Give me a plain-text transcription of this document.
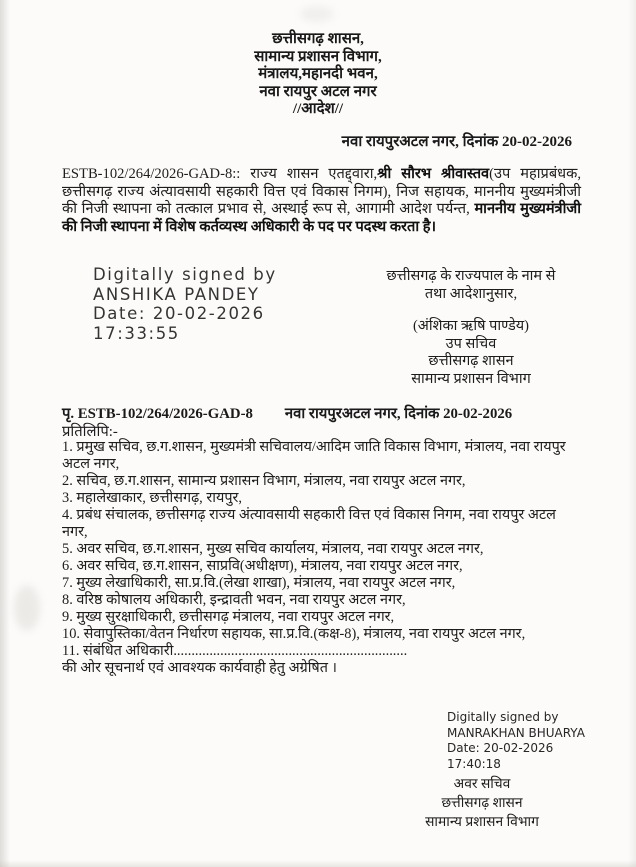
छत्तीसगढ़ शासन,
सामान्य प्रशासन विभाग,
मंत्रालय,महानदी भवन,
नवा रायपुर अटल नगर
//आदेश//
नवा रायपुरअटल नगर, दिनांक 20-02-2026
ESTB-102/264/2026-GAD-8:: राज्य शासन एतद्द्वारा,श्री सौरभ श्रीवास्तव(उप महाप्रबंधक, छत्तीसगढ़ राज्य अंत्यावसायी सहकारी वित्त एवं विकास निगम), निज सहायक, माननीय मुख्यमंत्रीजी की निजी स्थापना को तत्काल प्रभाव से, अस्थाई रूप से, आगामी आदेश पर्यन्त, माननीय मुख्यमंत्रीजी की निजी स्थापना में विशेष कर्तव्यस्थ अधिकारी के पद पर पदस्थ करता है।
Digitally signed by
ANSHIKA PANDEY
Date: 20-02-2026
17:33:55
छत्तीसगढ़ के राज्यपाल के नाम से
तथा आदेशानुसार,
(अंशिका ऋषि पाण्डेय)
उप सचिव
छत्तीसगढ़ शासन
सामान्य प्रशासन विभाग
पृ. ESTB-102/264/2026-GAD-8 नवा रायपुरअटल नगर, दिनांक 20-02-2026
प्रतिलिपि:-
1. प्रमुख सचिव, छ.ग.शासन, मुख्यमंत्री सचिवालय/आदिम जाति विकास विभाग, मंत्रालय, नवा रायपुर अटल नगर,
2. सचिव, छ.ग.शासन, सामान्य प्रशासन विभाग, मंत्रालय, नवा रायपुर अटल नगर,
3. महालेखाकार, छत्तीसगढ़, रायपुर,
4. प्रबंध संचालक, छत्तीसगढ़ राज्य अंत्यावसायी सहकारी वित्त एवं विकास निगम, नवा रायपुर अटल नगर,
5. अवर सचिव, छ.ग.शासन, मुख्य सचिव कार्यालय, मंत्रालय, नवा रायपुर अटल नगर,
6. अवर सचिव, छ.ग.शासन, साप्रवि(अधीक्षण), मंत्रालय, नवा रायपुर अटल नगर,
7. मुख्य लेखाधिकारी, सा.प्र.वि.(लेखा शाखा), मंत्रालय, नवा रायपुर अटल नगर,
8. वरिष्ठ कोषालय अधिकारी, इन्द्रावती भवन, नवा रायपुर अटल नगर,
9. मुख्य सुरक्षाधिकारी, छत्तीसगढ़ मंत्रालय, नवा रायपुर अटल नगर,
10. सेवापुस्तिका/वेतन निर्धारण सहायक, सा.प्र.वि.(कक्ष-8), मंत्रालय, नवा रायपुर अटल नगर,
11. संबंधित अधिकारी.................................................................
की ओर सूचनार्थ एवं आवश्यक कार्यवाही हेतु अग्रेषित ।
Digitally signed by
MANRAKHAN BHUARYA
Date: 20-02-2026
17:40:18
अवर सचिव
छत्तीसगढ़ शासन
सामान्य प्रशासन विभाग
